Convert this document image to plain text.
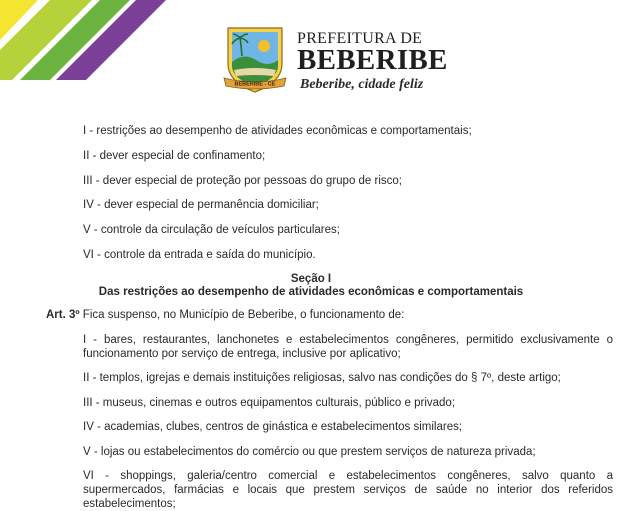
BEBERIBE - CE
PREFEITURA DE
BEBERIBE
Beberibe, cidade feliz
I - restrições ao desempenho de atividades econômicas e comportamentais;
II - dever especial de confinamento;
III - dever especial de proteção por pessoas do grupo de risco;
IV - dever especial de permanência domiciliar;
V - controle da circulação de veículos particulares;
VI - controle da entrada e saída do município.
Seção I
Das restrições ao desempenho de atividades econômicas e comportamentais
Art. 3º Fica suspenso, no Município de Beberibe, o funcionamento de:
I - bares, restaurantes, lanchonetes e estabelecimentos congêneres, permitido exclusivamente o funcionamento por serviço de entrega, inclusive por aplicativo;
II - templos, igrejas e demais instituições religiosas, salvo nas condições do § 7º, deste artigo;
III - museus, cinemas e outros equipamentos culturais, público e privado;
IV - academias, clubes, centros de ginástica e estabelecimentos similares;
V - lojas ou estabelecimentos do comércio ou que prestem serviços de natureza privada;
VI - shoppings, galeria/centro comercial e estabelecimentos congêneres, salvo quanto a supermercados, farmácias e locais que prestem serviços de saúde no interior dos referidos estabelecimentos;
